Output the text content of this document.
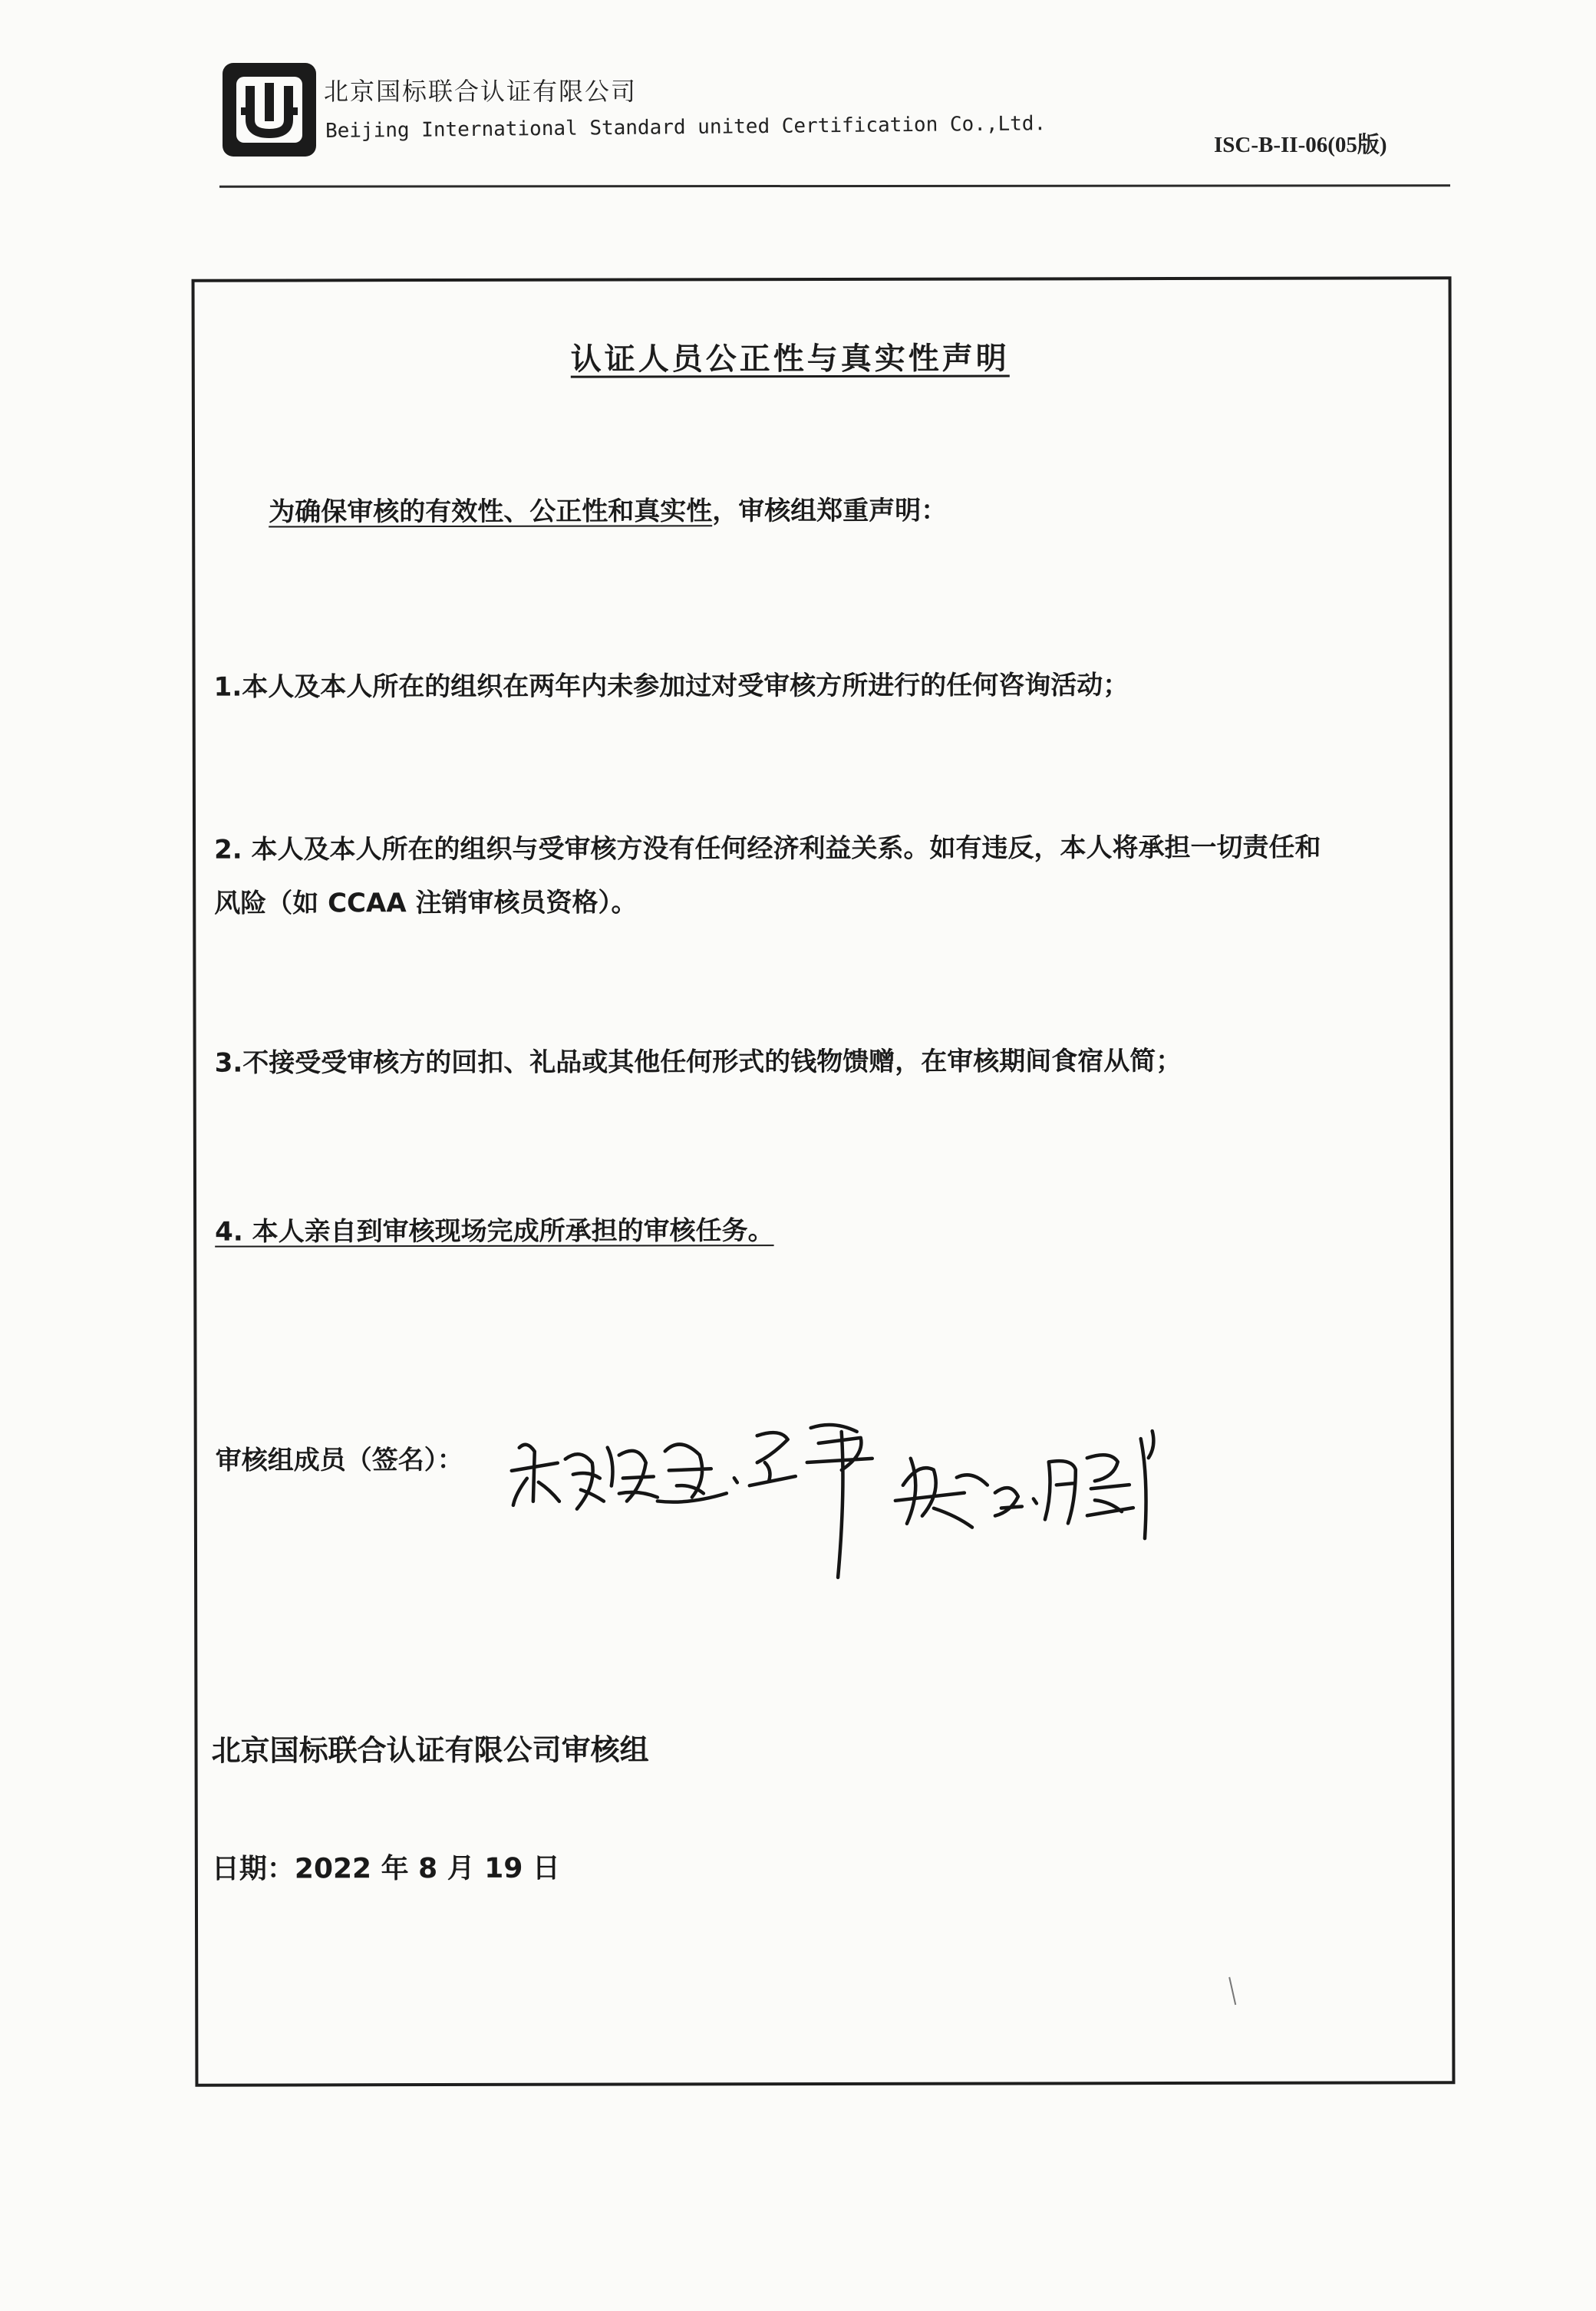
北京国标联合认证有限公司
Beijing International Standard united Certification Co.,Ltd.
ISC-B-II-06(05版)
认证人员公正性与真实性声明
为确保审核的有效性、公正性和真实性，审核组郑重声明：
1.本人及本人所在的组织在两年内未参加过对受审核方所进行的任何咨询活动；
2. 本人及本人所在的组织与受审核方没有任何经济利益关系。如有违反，本人将承担一切责任和
风险（如 CCAA 注销审核员资格）。
3.不接受受审核方的回扣、礼品或其他任何形式的钱物馈赠，在审核期间食宿从简；
4. 本人亲自到审核现场完成所承担的审核任务。
审核组成员（签名）：
北京国标联合认证有限公司审核组
日期：2022 年 8 月 19 日
